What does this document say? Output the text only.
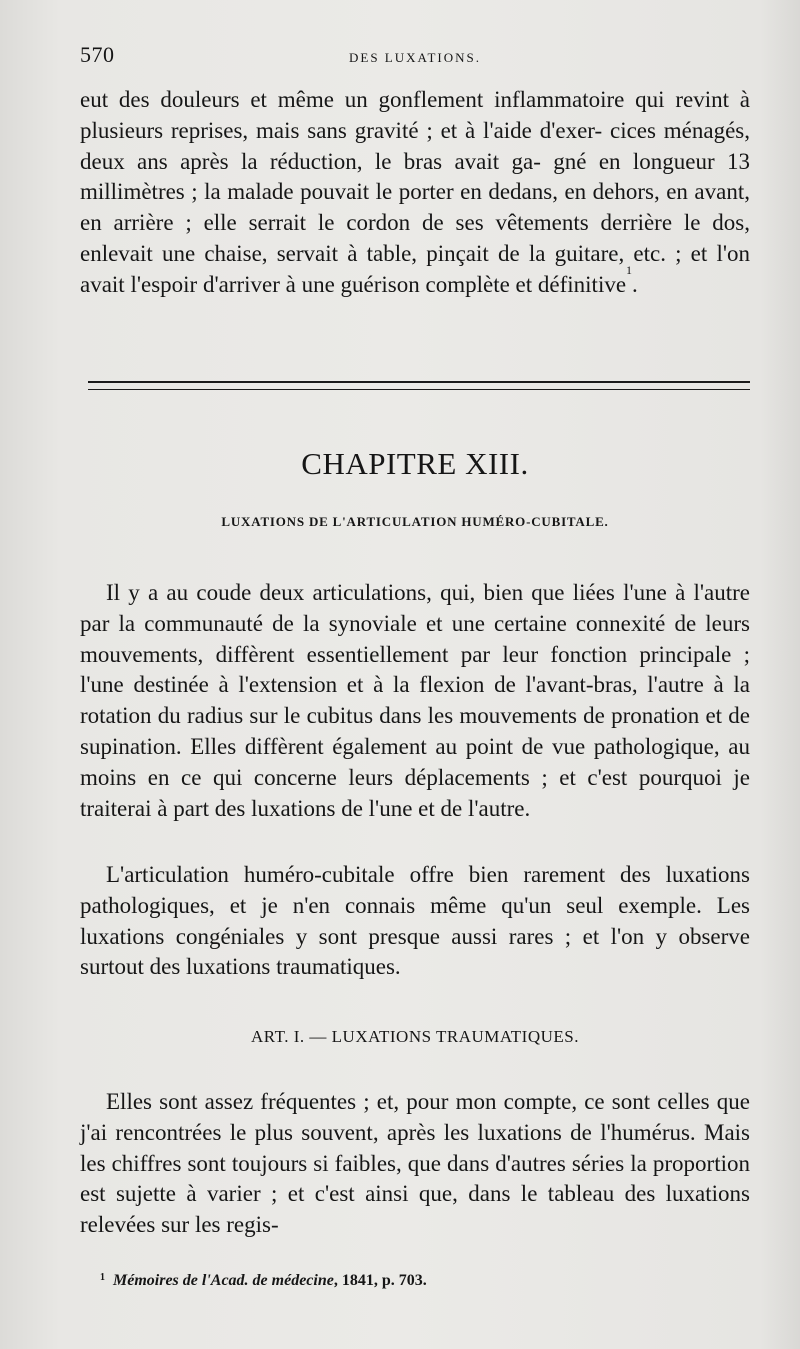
570	DES LUXATIONS.

eut des douleurs et même un gonflement inflammatoire qui revint à plusieurs reprises, mais sans gravité ; et à l'aide d'exer- cices ménagés, deux ans après la réduction, le bras avait ga- gné en longueur 13 millimètres ; la malade pouvait le porter en dedans, en dehors, en avant, en arrière ; elle serrait le cordon de ses vêtements derrière le dos, enlevait une chaise, servait à table, pinçait de la guitare, etc. ; et l'on avait l'espoir d'arriver à une guérison complète et définitive$^1$.

CHAPITRE XIII.
LUXATIONS DE L'ARTICULATION HUMÉRO-CUBITALE.

Il y a au coude deux articulations, qui, bien que liées l'une à l'autre par la communauté de la synoviale et une certaine connexité de leurs mouvements, diffèrent essentiellement par leur fonction principale ; l'une destinée à l'extension et à la flexion de l'avant-bras, l'autre à la rotation du radius sur le cubitus dans les mouvements de pronation et de supination. Elles diffèrent également au point de vue pathologique, au moins en ce qui concerne leurs déplacements ; et c'est pourquoi je traiterai à part des luxations de l'une et de l'autre.

L'articulation huméro-cubitale offre bien rarement des luxations pathologiques, et je n'en connais même qu'un seul exemple. Les luxations congéniales y sont presque aussi rares ; et l'on y observe surtout des luxations traumatiques.

ART. I. — LUXATIONS TRAUMATIQUES.

Elles sont assez fréquentes ; et, pour mon compte, ce sont celles que j'ai rencontrées le plus souvent, après les luxations de l'humérus. Mais les chiffres sont toujours si faibles, que dans d'autres séries la proportion est sujette à varier ; et c'est ainsi que, dans le tableau des luxations relevées sur les regis-

$^1$ Mémoires de l'Acad. de médecine, 1841, p. 703.
